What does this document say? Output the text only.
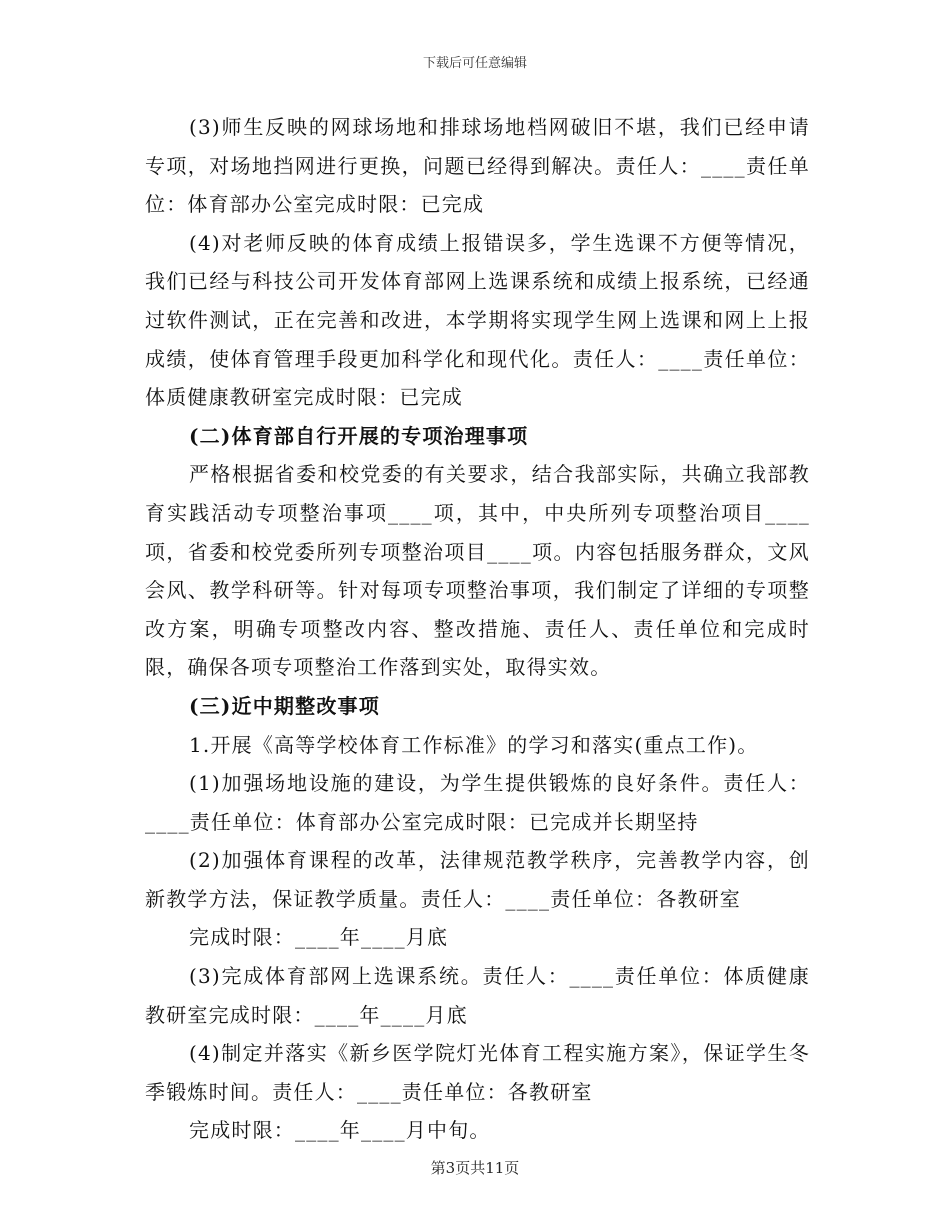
下载后可任意编辑

(3)师生反映的网球场地和排球场地档网破旧不堪，我们已经申请专项，对场地挡网进行更换，问题已经得到解决。责任人：____责任单位：体育部办公室完成时限：已完成

(4)对老师反映的体育成绩上报错误多，学生选课不方便等情况，我们已经与科技公司开发体育部网上选课系统和成绩上报系统，已经通过软件测试，正在完善和改进，本学期将实现学生网上选课和网上上报成绩，使体育管理手段更加科学化和现代化。责任人：____责任单位：体质健康教研室完成时限：已完成

(二)体育部自行开展的专项治理事项

严格根据省委和校党委的有关要求，结合我部实际，共确立我部教育实践活动专项整治事项____项，其中，中央所列专项整治项目____项，省委和校党委所列专项整治项目____项。内容包括服务群众，文风会风、教学科研等。针对每项专项整治事项，我们制定了详细的专项整改方案，明确专项整改内容、整改措施、责任人、责任单位和完成时限，确保各项专项整治工作落到实处，取得实效。

(三)近中期整改事项

1.开展《高等学校体育工作标准》的学习和落实(重点工作)。

(1)加强场地设施的建设，为学生提供锻炼的良好条件。责任人：____责任单位：体育部办公室完成时限：已完成并长期坚持

(2)加强体育课程的改革，法律规范教学秩序，完善教学内容，创新教学方法，保证教学质量。责任人：____责任单位：各教研室

完成时限：____年____月底

(3)完成体育部网上选课系统。责任人：____责任单位：体质健康教研室完成时限：____年____月底

(4)制定并落实《新乡医学院灯光体育工程实施方案》，保证学生冬季锻炼时间。责任人：____责任单位：各教研室

完成时限：____年____月中旬。

第3页共11页
